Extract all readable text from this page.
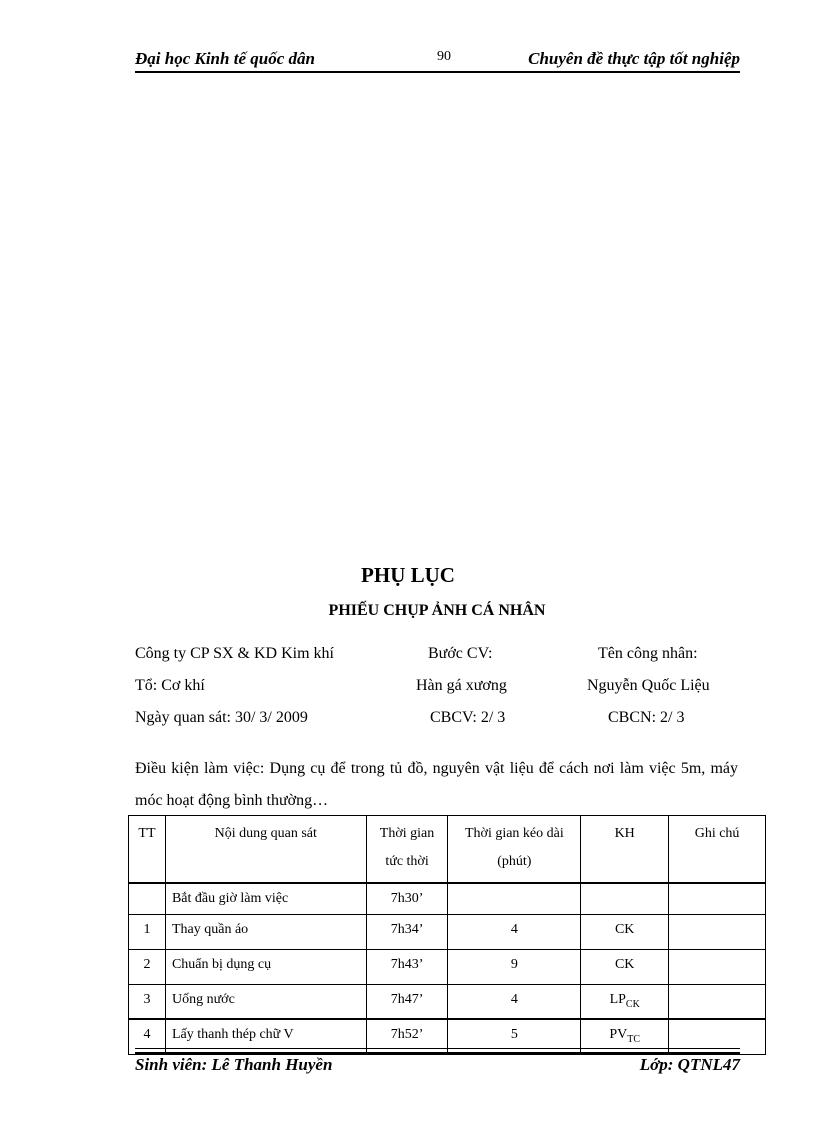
Đại học Kinh tế quốc dân	90	Chuyên đề thực tập tốt nghiệp
PHỤ LỤC
PHIẾU CHỤP ẢNH CÁ NHÂN
Công ty CP SX & KD Kim khí	Bước CV:	Tên công nhân:
Tổ: Cơ khí	Hàn gá xương	Nguyễn Quốc Liệu
Ngày quan sát: 30/ 3/ 2009	CBCV: 2/ 3	CBCN: 2/ 3
Điều kiện làm việc: Dụng cụ để trong tủ đồ, nguyên vật liệu để cách nơi làm việc 5m, máy móc hoạt động bình thường…
TT	Nội dung quan sát	Thời gian tức thời	Thời gian kéo dài (phút)	KH	Ghi chú
	Bắt đầu giờ làm việc	7h30’			
1	Thay quần áo	7h34’	4	CK	
2	Chuẩn bị dụng cụ	7h43’	9	CK	
3	Uống nước	7h47’	4	$LP_{CK}$	
4	Lấy thanh thép chữ V	7h52’	5	$PV_{TC}$	
Sinh viên: Lê Thanh Huyền	Lớp: QTNL47
